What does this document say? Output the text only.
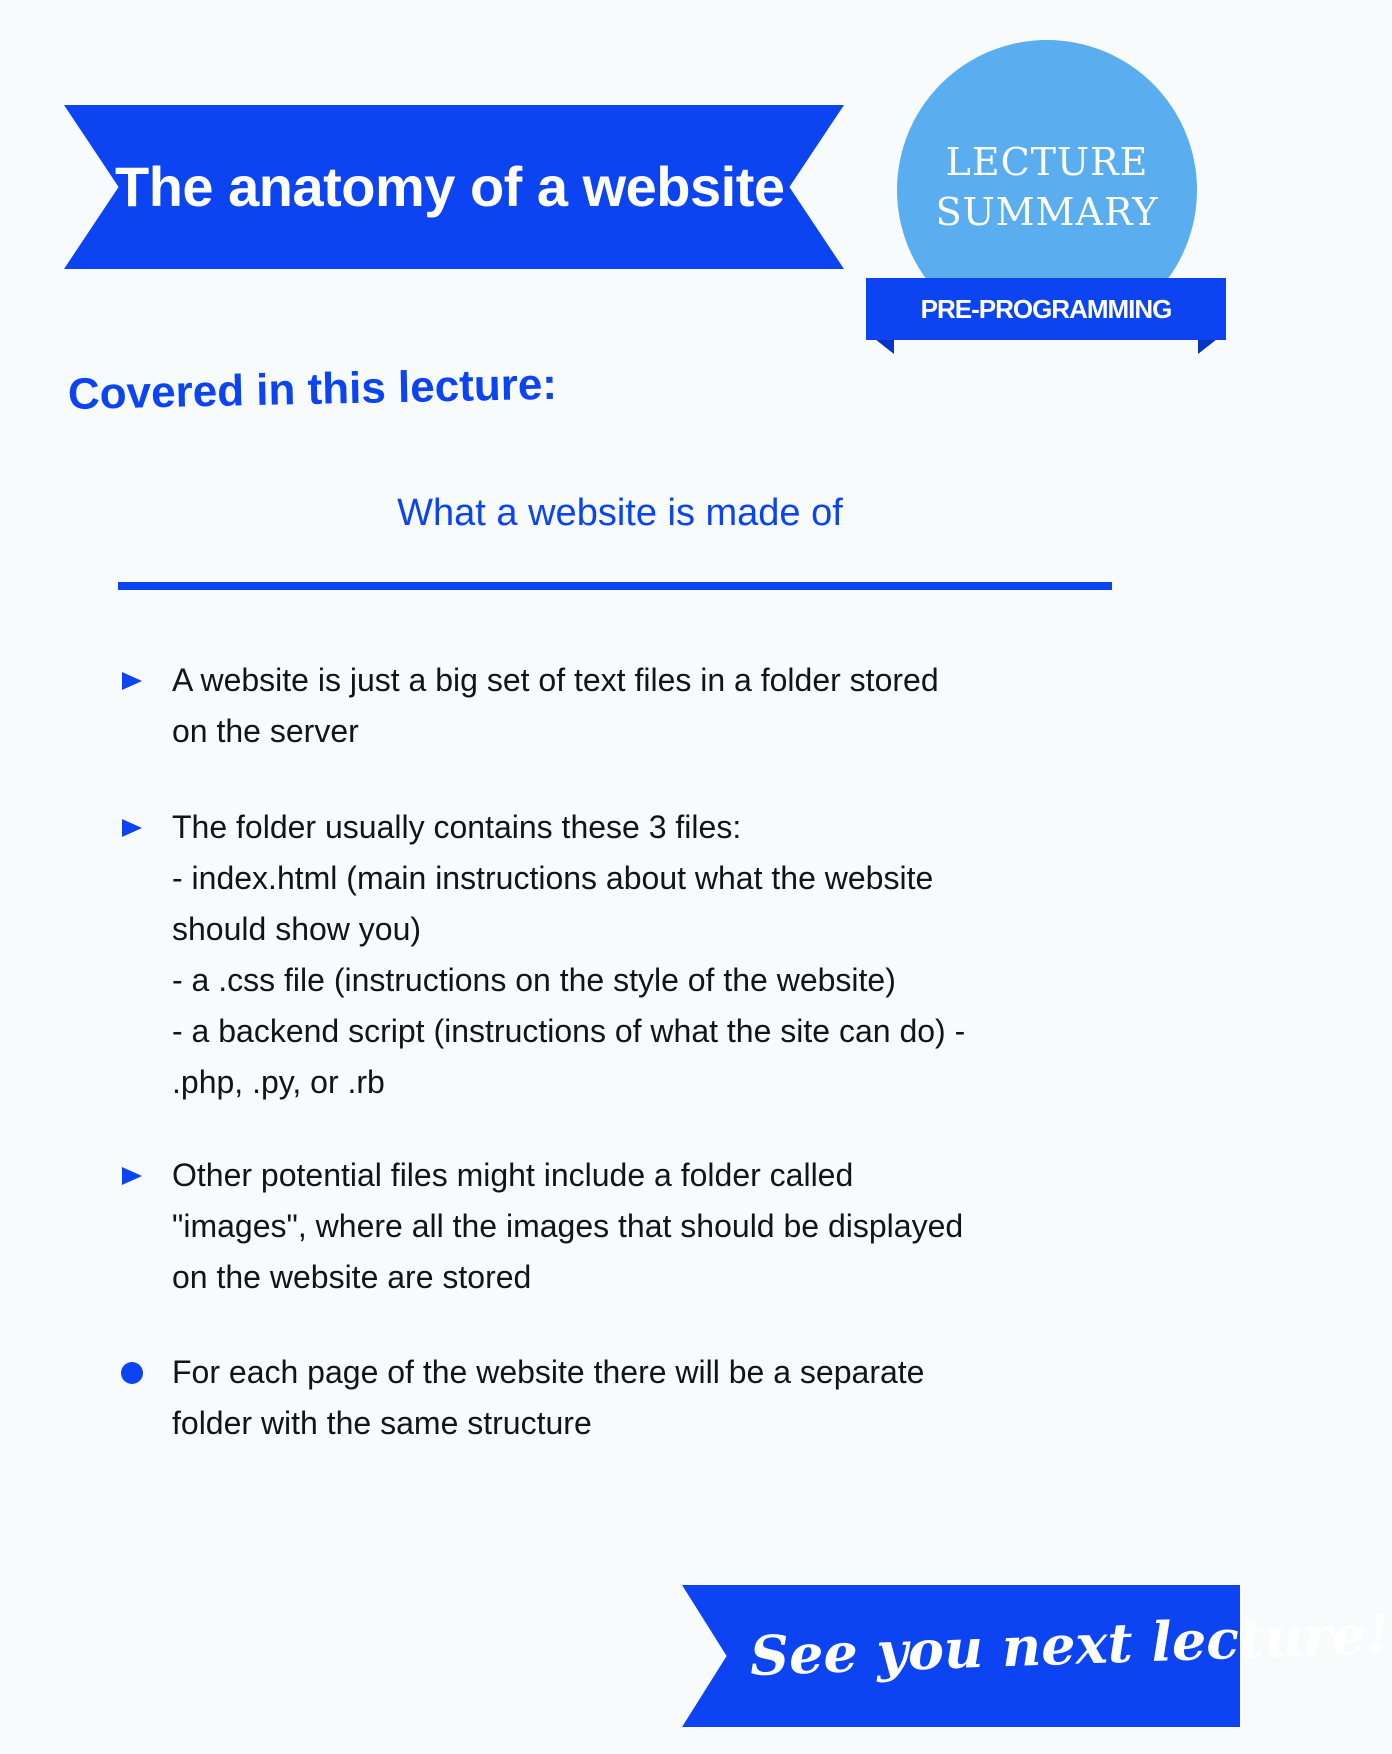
The anatomy of a website	LECTURE
SUMMARY
PRE-PROGRAMMING
Covered in this lecture:
What a website is made of
A website is just a big set of text files in a folder stored
on the server
The folder usually contains these 3 files:
- index.html (main instructions about what the website
should show you)
- a .css file (instructions on the style of the website)
- a backend script (instructions of what the site can do) -
.php, .py, or .rb
Other potential files might include a folder called
"images", where all the images that should be displayed
on the website are stored
For each page of the website there will be a separate
folder with the same structure
See you next lecture!
